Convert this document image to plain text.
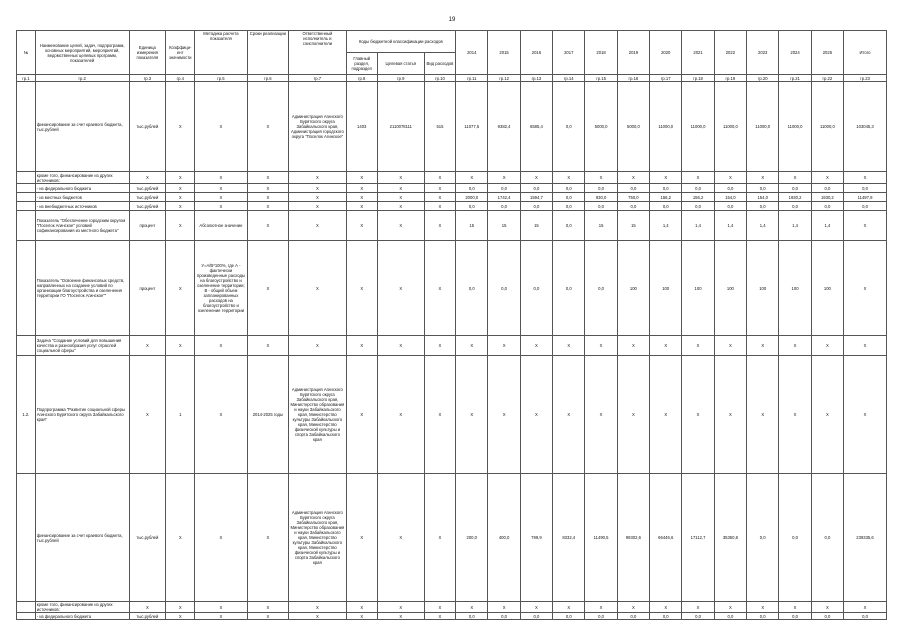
19
№	Наименование целей, задач, подпрограмм, основных мероприятий, мероприятий, ведомственных целевых программ, показателей	Единица измерения показателя	Коэффици-ент значимости	Методика расчета показателя	Сроки реализации	Ответственный исполнитель и соисполнители	Коды бюджетной классификации расходов			2014	2015	2016	2017	2018	2019	2020	2021	2022	2023	2024	2025	Итого
							Главный раздел, подраздел	Целевая статья	Вид расходов													
гр.1	гр.2	гр.3	гр.4	гр.5	гр.6	гр.7	гр.8	гр.9	гр.10	гр.11	гр.12	гр.13	гр.14	гр.15	гр.16	гр.17	гр.18	гр.19	гр.20	гр.21	гр.22	гр.23
	финансирование за счет краевого бюджета, тыс.рублей	тыс.рублей	Х	Х	Х	Администрация Агинского Бурятского округа Забайкальского края, Администрация городского округа "Поселок Агинское"	1403	2110078111	515	11077,5	9382,4	6585,4	0,0	5000,0	5000,0	11000,0	11000,0	11000,0	11000,0	11000,0	11000,0	103045,3
	кроме того, финансирование из других источников:	Х	Х	Х	Х	Х	Х	Х	Х	Х	Х	Х	Х	Х	Х	Х	Х	Х	Х	Х	Х	Х
	- из федерального бюджета	тыс.рублей	Х	Х	Х	Х	Х	Х	Х	0,0	0,0	0,0	0,0	0,0	0,0	0,0	0,0	0,0	0,0	0,0	0,0	0,0
	- из местных бюджетов	тыс.рублей	Х	Х	Х	Х	Х	Х	Х	2000,0	1742,4	1594,7	0,0	930,0	750,0	156,2	156,2	154,0	154,0	1930,2	1930,2	11497,9
	- из внебюджетных источников	тыс.рублей	Х	Х	Х	Х	Х	Х	Х	0,0	0,0	0,0	0,0	0,0	0,0	0,0	0,0	0,0	0,0	0,0	0,0	0,0
	Показатель "Обеспечение городским округом "Поселок Агинское" условий софинансирования из местного бюджета"	процент	Х	Абсолютное значение	Х	Х	Х	Х	Х	15	15	15	0,0	15	15	1,4	1,4	1,4	1,4	1,4	1,4	Х
	Показатель "Освоение финансовых средств, направленных на создание условий по организации благоустройства и озеленения территории ГО "Поселок Агинское""	процент	Х	У=А/В*100%, где А - фактически произведенные расходы на благоустройство и озеленение территории; В - общий объем запланированных расходов на благоустройство и озеленение территории	Х	Х	Х	Х	Х	0,0	0,0	0,0	0,0	0,0	100	100	100	100	100	100	100	Х
	Задача "Создание условий для повышения качества и разнообразия услуг отраслей социальной сферы"	Х	Х	Х	Х	Х	Х	Х	Х	Х	Х	Х	Х	Х	Х	Х	Х	Х	Х	Х	Х	Х
1.2.	Подпрограмма "Развитие социальной сферы Агинского Бурятского округа Забайкальского края"	Х	1	Х	2014-2025 годы	Администрация Агинского Бурятского округа Забайкальского края, Министерство образования и науки Забайкальского края, Министерство культуры Забайкальского края, Министерство физической культуры и спорта Забайкальского края	Х	Х	Х	Х	Х	Х	Х	Х	Х	Х	Х	Х	Х	Х	Х	Х
	финансирование за счет краевого бюджета, тыс.рублей	тыс.рублей	Х	Х	Х	Администрация Агинского Бурятского округа Забайкальского края, Министерство образования и науки Забайкальского края, Министерство культуры Забайкальского края, Министерство физической культуры и спорта Забайкальского края	Х	Х	Х	200,0	400,0	799,9	8332,4	11490,5	99302,6	66446,6	17112,7	35350,8	0,0	0,0	0,0	239335,6
	кроме того, финансирование из других источников:	Х	Х	Х	Х	Х	Х	Х	Х	Х	Х	Х	Х	Х	Х	Х	Х	Х	Х	Х	Х	Х
	- из федерального бюджета	тыс.рублей	Х	Х	Х	Х	Х	Х	Х	0,0	0,0	0,0	0,0	0,0	0,0	0,0	0,0	0,0	0,0	0,0	0,0	0,0
